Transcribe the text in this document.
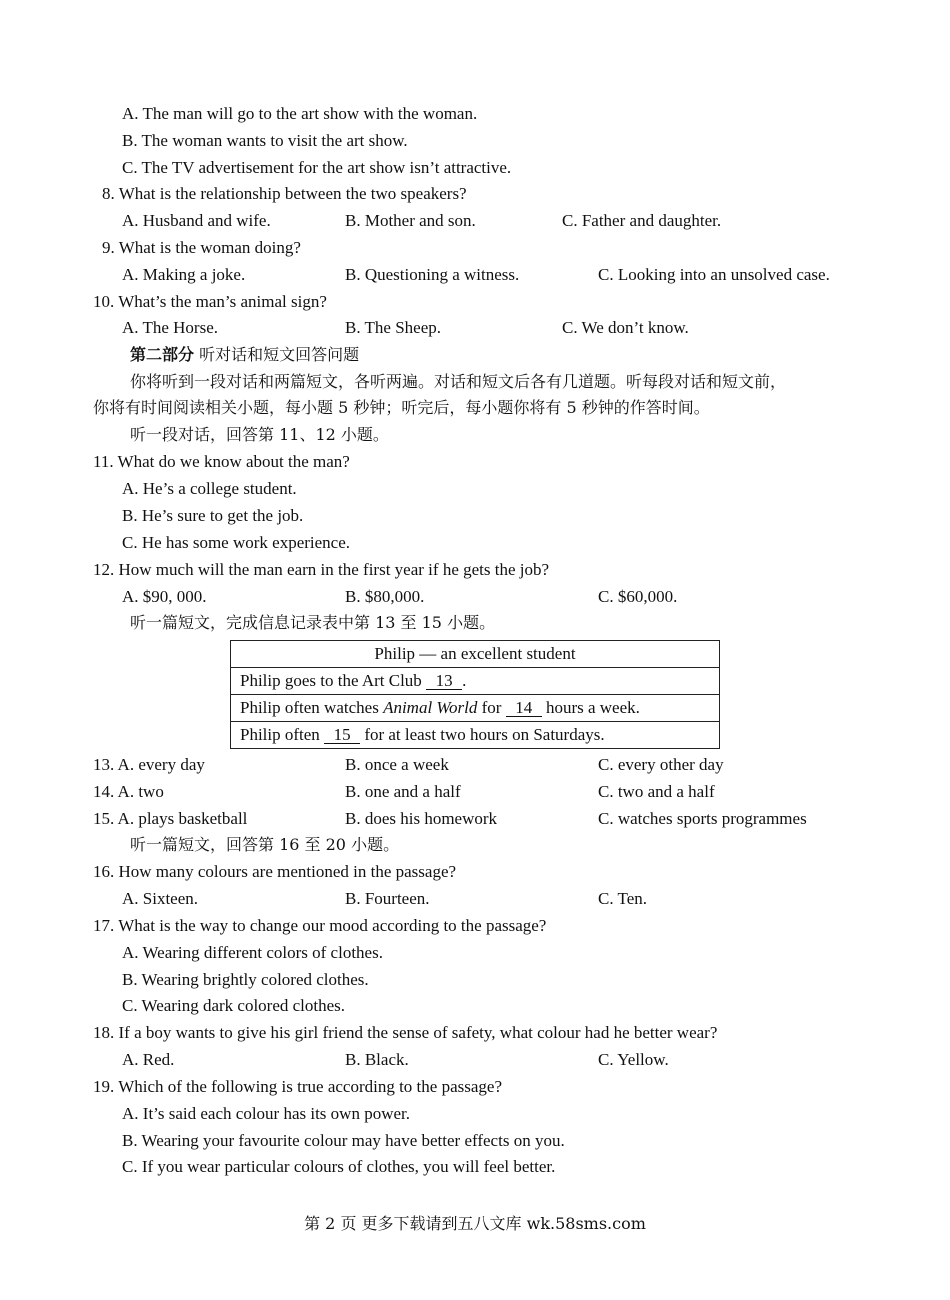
A. The man will go to the art show with the woman.
B. The woman wants to visit the art show.
C. The TV advertisement for the art show isn’t attractive.
8. What is the relationship between the two speakers?
A. Husband and wife.	B. Mother and son.	C. Father and daughter.
9. What is the woman doing?
A. Making a joke.	B. Questioning a witness.	C. Looking into an unsolved case.
10. What’s the man’s animal sign?
A. The Horse.	B. The Sheep.	C. We don’t know.
第二部分 听对话和短文回答问题
你将听到一段对话和两篇短文，各听两遍。对话和短文后各有几道题。听每段对话和短文前，
你将有时间阅读相关小题，每小题 5 秒钟；听完后，每小题你将有 5 秒钟的作答时间。
听一段对话，回答第 11、12 小题。
11. What do we know about the man?
A. He’s a college student.
B. He’s sure to get the job.
C. He has some work experience.
12. How much will the man earn in the first year if he gets the job?
A. $90, 000.	B. $80,000.	C. $60,000.
听一篇短文，完成信息记录表中第 13 至 15 小题。
Philip — an excellent student
Philip goes to the Art Club 13 .
Philip often watches Animal World for 14 hours a week.
Philip often 15 for at least two hours on Saturdays.
13. A. every day	B. once a week	C. every other day
14. A. two	B. one and a half	C. two and a half
15. A. plays basketball	B. does his homework	C. watches sports programmes
听一篇短文，回答第 16 至 20 小题。
16. How many colours are mentioned in the passage?
A. Sixteen.	B. Fourteen.	C. Ten.
17. What is the way to change our mood according to the passage?
A. Wearing different colors of clothes.
B. Wearing brightly colored clothes.
C. Wearing dark colored clothes.
18. If a boy wants to give his girl friend the sense of safety, what colour had he better wear?
A. Red.	B. Black.	C. Yellow.
19. Which of the following is true according to the passage?
A. It’s said each colour has its own power.
B. Wearing your favourite colour may have better effects on you.
C. If you wear particular colours of clothes, you will feel better.
第 2 页 更多下载请到五八文库 wk.58sms.com
